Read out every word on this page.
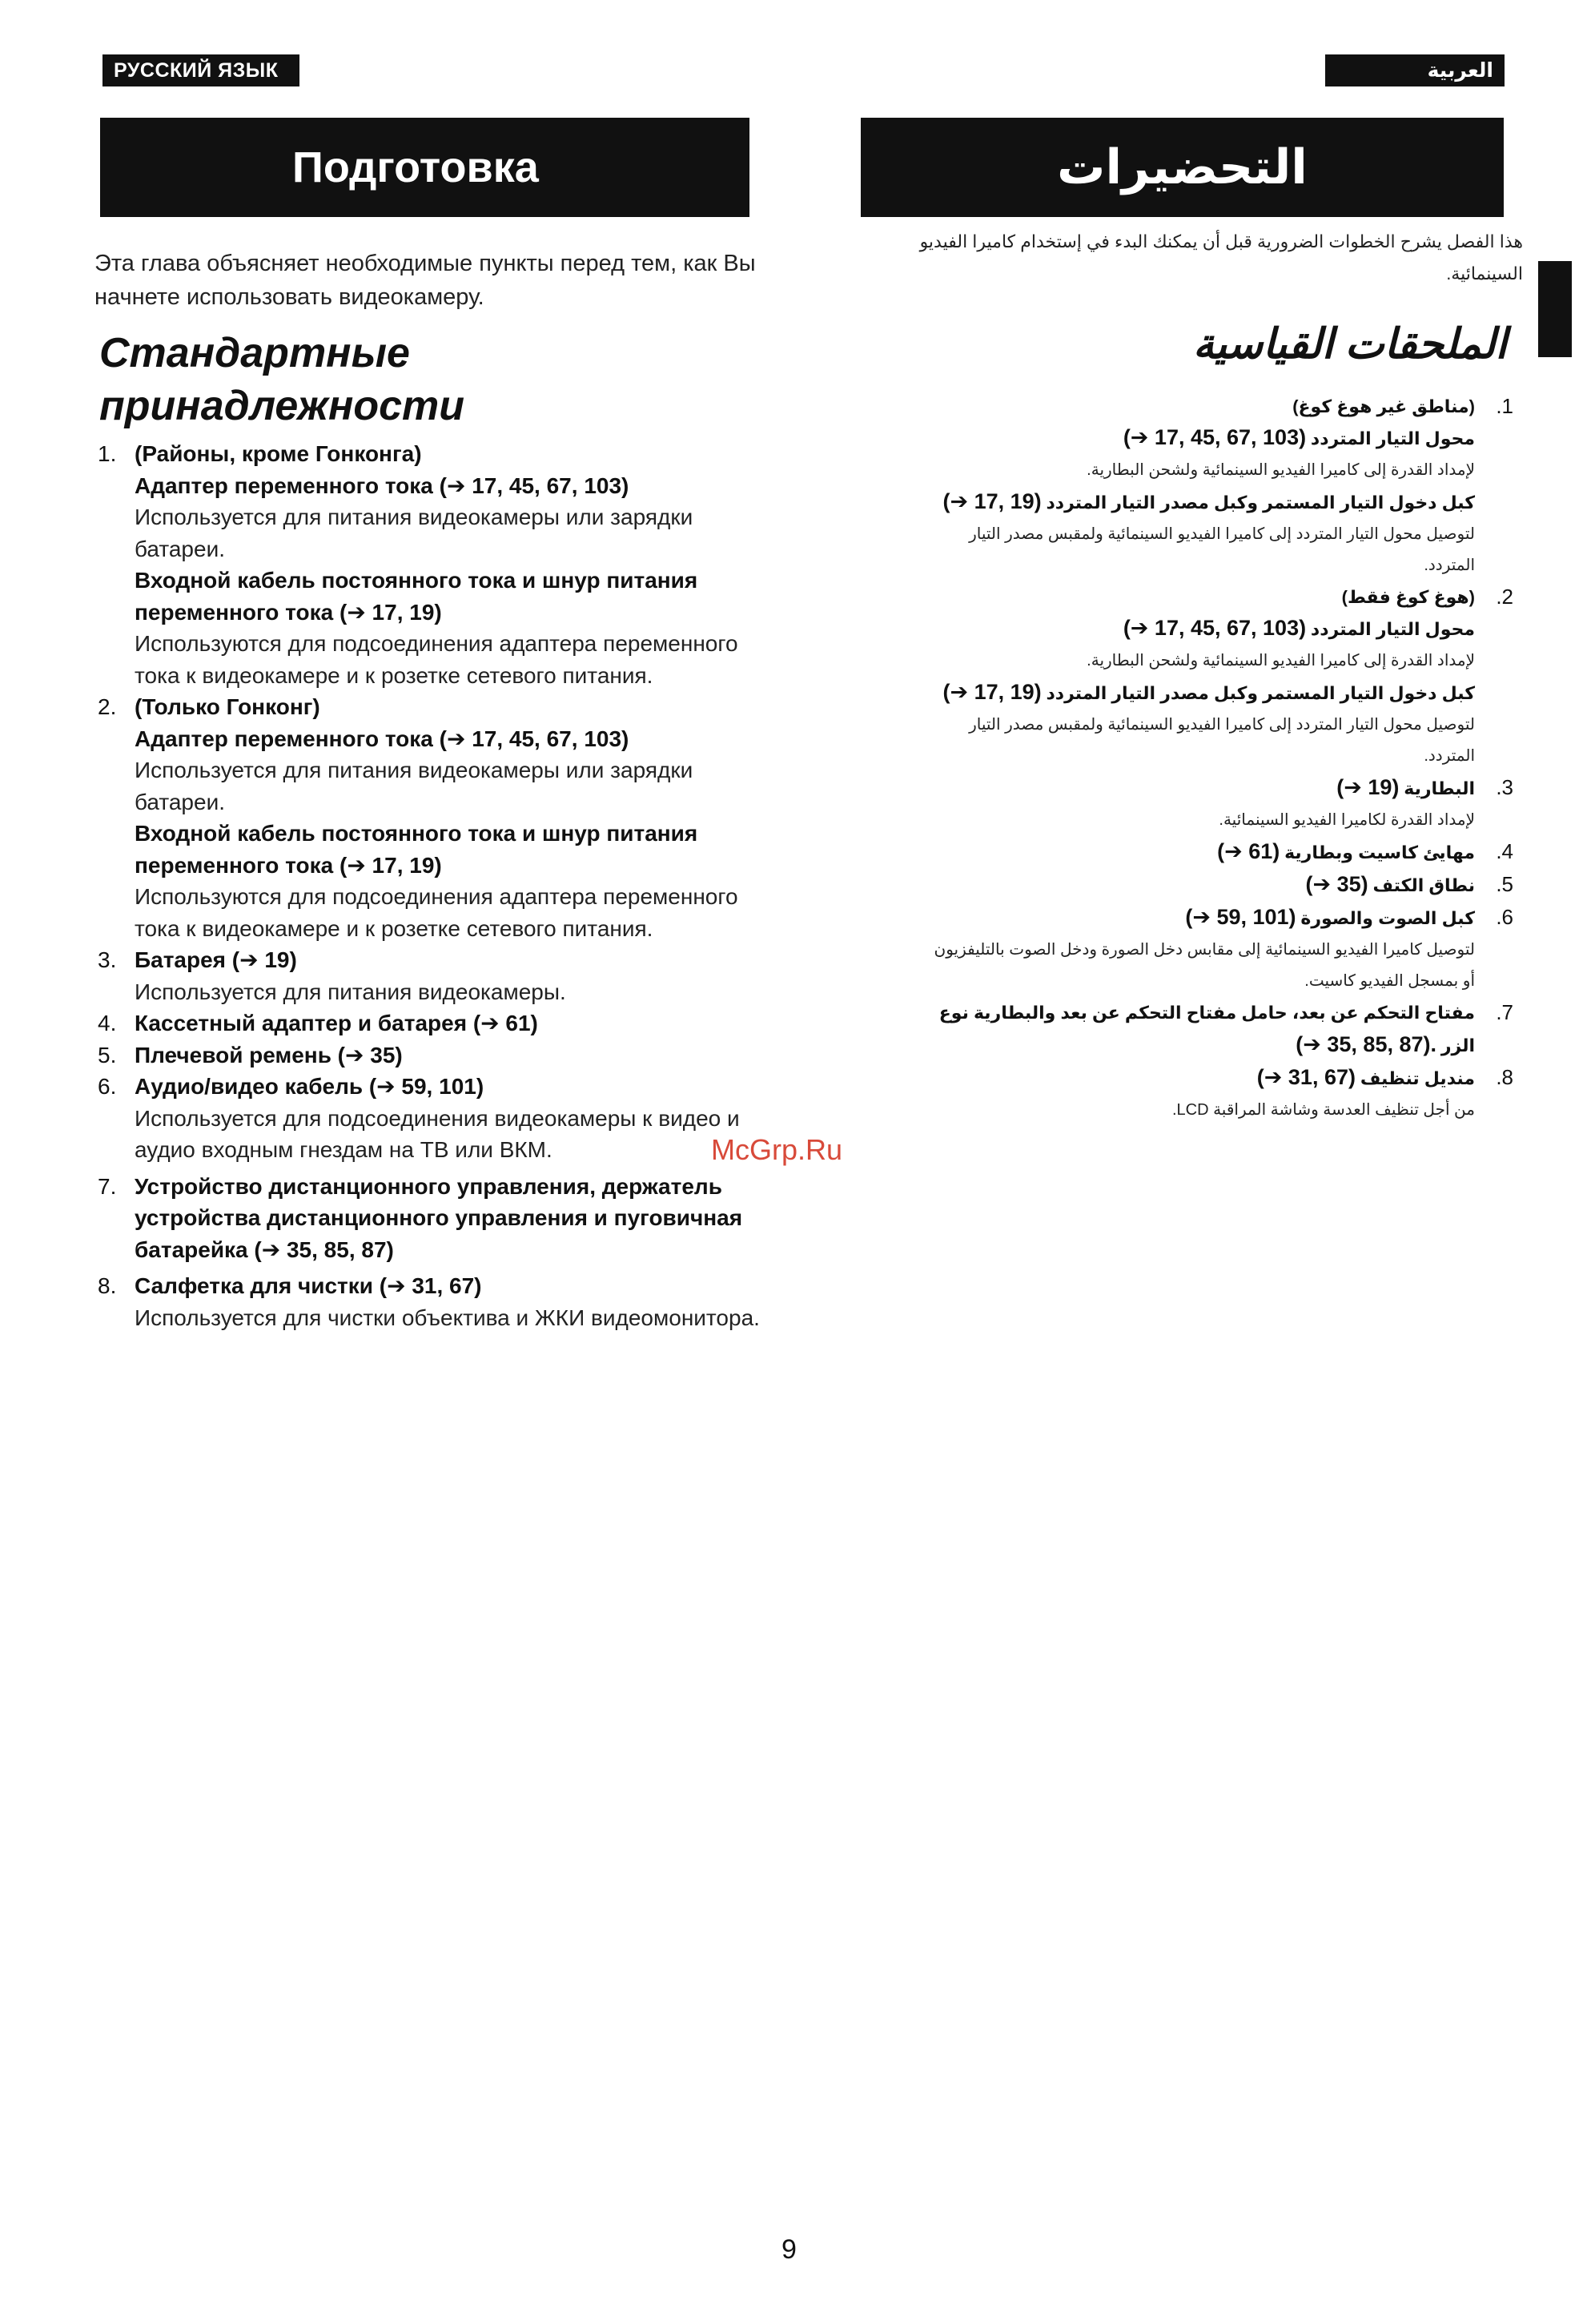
РУССКИЙ ЯЗЫК	العربية
Подготовка	التحضيرات
Эта глава объясняет необходимые пункты перед тем, как Вы начнете использовать видеокамеру.
Стандартные принадлежности
1. (Районы, кроме Гонконга)
Адаптер переменного тока (➔ 17, 45, 67, 103)
Используется для питания видеокамеры или зарядки батареи.
Входной кабель постоянного тока и шнур питания переменного тока (➔ 17, 19)
Используются для подсоединения адаптера переменного тока к видеокамере и к розетке сетевого питания.
2. (Только Гонконг)
Адаптер переменного тока (➔ 17, 45, 67, 103)
Используется для питания видеокамеры или зарядки батареи.
Входной кабель постоянного тока и шнур питания переменного тока (➔ 17, 19)
Используются для подсоединения адаптера переменного тока к видеокамере и к розетке сетевого питания.
3. Батарея (➔ 19)
Используется для питания видеокамеры.
4. Кассетный адаптер и батарея (➔ 61)
5. Плечевой ремень (➔ 35)
6. Аудио/видео кабель (➔ 59, 101)
Используется для подсоединения видеокамеры к видео и аудио входным гнездам на ТВ или ВКМ.
7. Устройство дистанционного управления, держатель устройства дистанционного управления и пуговичная батарейка (➔ 35, 85, 87)
8. Салфетка для чистки (➔ 31, 67)
Используется для чистки объектива и ЖКИ видеомонитора.
هذا الفصل يشرح الخطوات الضرورية قبل أن يمكنك البدء في إستخدام كاميرا الفيديو السينمائية.
الملحقات القياسية
.1
(مناطق غير هوغ كوغ)
محول التيار المتردد (➔ 17, 45, 67, 103)
لإمداد القدرة إلى كاميرا الفيديو السينمائية ولشحن البطارية.
كبل دخول التيار المستمر وكبل مصدر التيار المتردد (➔ 17, 19)
لتوصيل محول التيار المتردد إلى كاميرا الفيديو السينمائية ولمقبس مصدر التيار المتردد.
.2
(هوغ كوغ فقط)
محول التيار المتردد (➔ 17, 45, 67, 103)
لإمداد القدرة إلى كاميرا الفيديو السينمائية ولشحن البطارية.
كبل دخول التيار المستمر وكبل مصدر التيار المتردد (➔ 17, 19)
لتوصيل محول التيار المتردد إلى كاميرا الفيديو السينمائية ولمقبس مصدر التيار المتردد.
.3
البطارية (➔ 19)
لإمداد القدرة لكاميرا الفيديو السينمائية.
.4
مهايئ كاسيت وبطارية (➔ 61)
.5
نطاق الكتف (➔ 35)
.6
كبل الصوت والصورة (➔ 59, 101)
لتوصيل كاميرا الفيديو السينمائية إلى مقابس دخل الصورة ودخل الصوت بالتليفزيون أو بمسجل الفيديو كاسيت.
.7
مفتاح التحكم عن بعد، حامل مفتاح التحكم عن بعد والبطارية نوع الزر (➔ 35, 85, 87).
.8
منديل تنظيف (➔ 31, 67)
من أجل تنظيف العدسة وشاشة المراقبة LCD.
McGrp.Ru
9
